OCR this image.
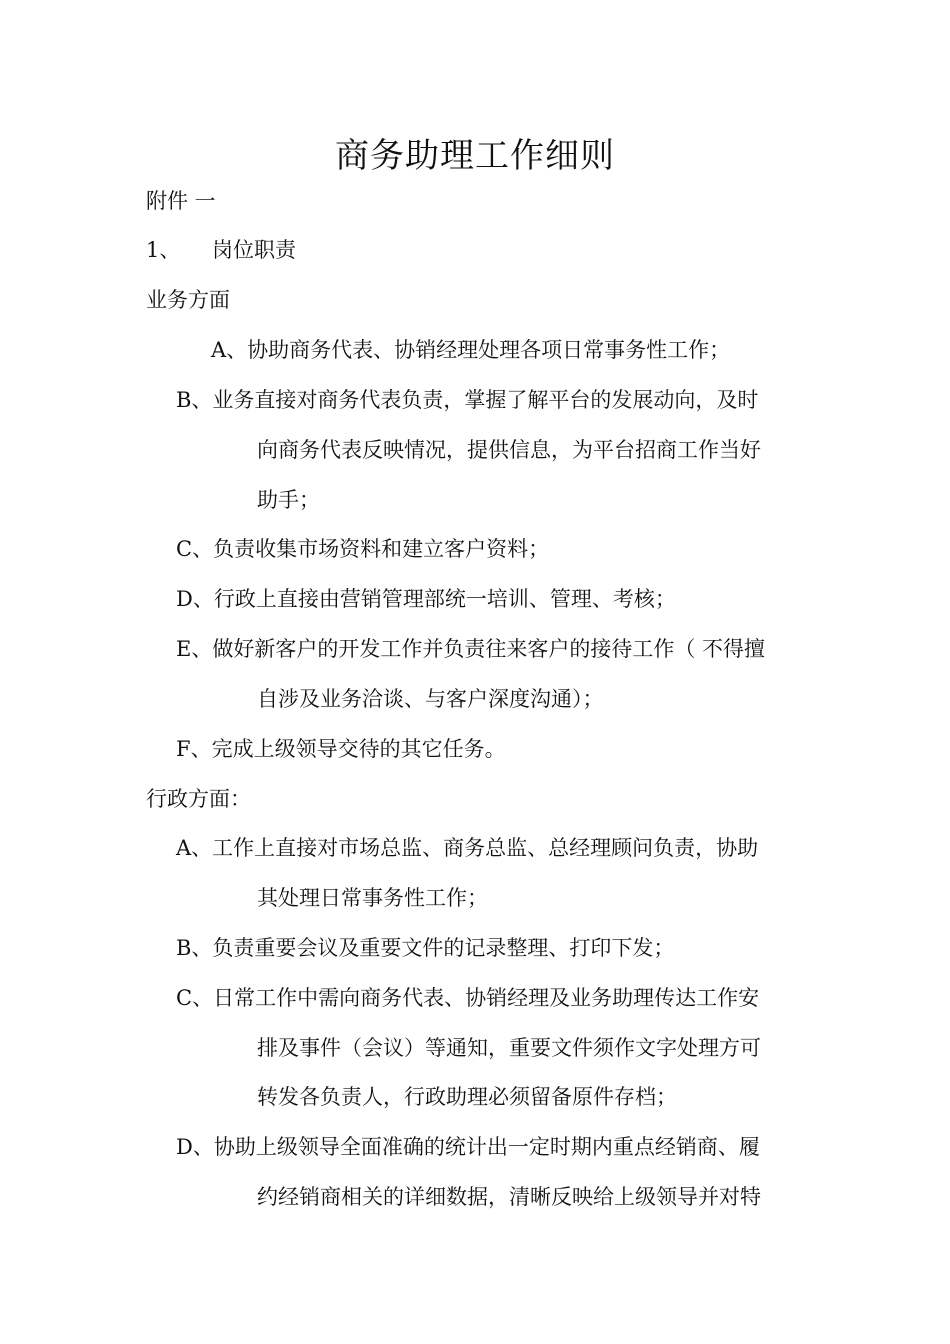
商务助理工作细则
附件 一
1、 岗位职责
业务方面
A、协助商务代表、协销经理处理各项日常事务性工作；
B、业务直接对商务代表负责，掌握了解平台的发展动向，及时
向商务代表反映情况，提供信息，为平台招商工作当好
助手；
C、负责收集市场资料和建立客户资料；
D、行政上直接由营销管理部统一培训、管理、考核；
E、做好新客户的开发工作并负责往来客户的接待工作（ 不得擅
自涉及业务洽谈、与客户深度沟通）；
F、完成上级领导交待的其它任务。
行政方面：
A、工作上直接对市场总监、商务总监、总经理顾问负责，协助
其处理日常事务性工作；
B、负责重要会议及重要文件的记录整理、打印下发；
C、日常工作中需向商务代表、协销经理及业务助理传达工作安
排及事件（会议）等通知，重要文件须作文字处理方可
转发各负责人，行政助理必须留备原件存档；
D、协助上级领导全面准确的统计出一定时期内重点经销商、履
约经销商相关的详细数据，清晰反映给上级领导并对特
